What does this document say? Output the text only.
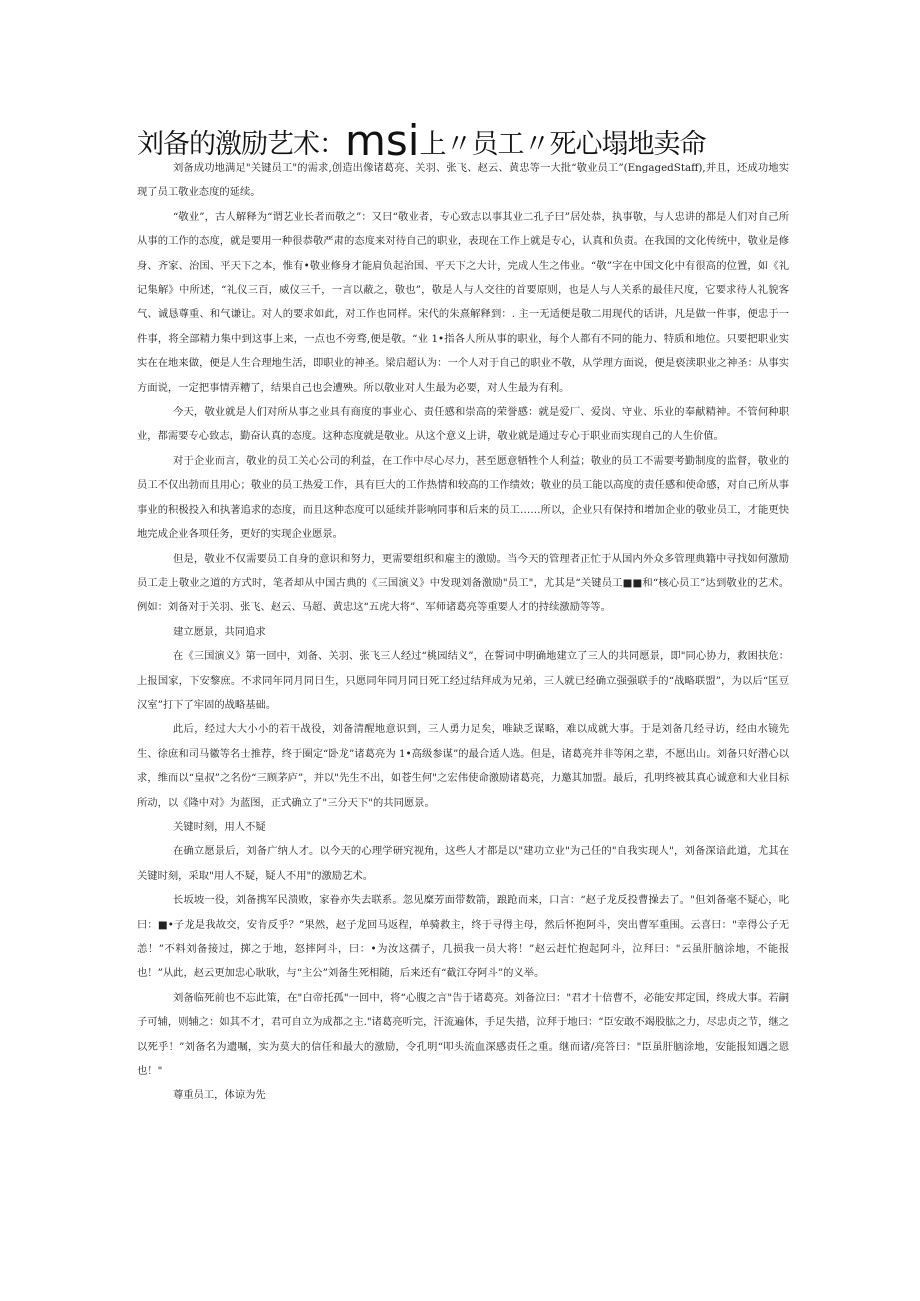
刘备的激励艺术：msi上〃员工〃死心塌地卖命

刘备成功地满足"关键员工"的需求,创造出像诸葛亮、关羽、张飞、赵云、黄忠等一大批“敬业员工”(EngagedStaff),并且，还成功地实现了员工敬业态度的延续。

“敬业”，古人解释为“谓艺业长者而敬之”：又曰“敬业者，专心致志以事其业二孔子曰”居处恭，执事敬，与人忠讲的都是人们对自己所从事的工作的态度，就是要用一种很恭敬严肃的态度来对待自己的职业，表现在工作上就是专心，认真和负责。在我国的文化传统中，敬业是修身、齐家、治国、平天下之本，惟有•敬业修身才能肩负起治国、平天下之大计，完成人生之伟业。“敬”字在中国文化中有很高的位置，如《礼记集解》中所述，“礼仪三百，威仪三千，一言以蔽之，敬也”，敬是人与人交往的首要原则，也是人与人关系的最佳尺度，它要求待人礼貌客气、诚恳尊重、和气谦让。对人的要求如此，对工作也同样。宋代的朱熹解释到：. 主一无适便是敬二用现代的话讲，凡是做一件事，便忠于一件事，将全部精力集中到这事上来，一点也不旁骛,便是敬。“业 1•指各人所从事的职业，每个人都有不同的能力、特质和地位。只要把职业实实在在地来做，便是人生合理地生活，即职业的神圣。梁启超认为：一个人对于自己的职业不敬，从学理方面说，便是亵渎职业之神圣：从事实方面说，一定把事情弄糟了，结果自己也会遭殃。所以敬业对人生最为必要，对人生最为有利。

今天，敬业就是人们对所从事之业具有商度的事业心、责任感和崇高的荣誉感：就是爱厂、爱岗、守业、乐业的奉献精神。不管何种职业，都需要专心致志，勤奋认真的态度。这种态度就是敬业。从这个意义上讲，敬业就是通过专心于职业而实现自己的人生价值。

对于企业而言，敬业的员工关心公司的利益，在工作中尽心尽力，甚至愿意牺牲个人利益；敬业的员工不需要考勤制度的监督，敬业的员工不仅出勃而且用心；敬业的员工热爱工作，具有巨大的工作热情和较高的工作绩效；敬业的员工能以高度的责任感和使命感，对自己所从事事业的积极投入和执著追求的态度，而且这种态度可以延续并影响同事和后来的员工……所以，企业只有保持和增加企业的敬业员工，才能更快地完成企业各项任务，更好的实现企业愿景。

但是，敬业不仅需要员工自身的意识和努力，更需要组织和雇主的激励。当今天的管理者正忙于从国内外众多管理典籍中寻找如何激励员工走上敬业之道的方式时，笔者却从中国古典的《三国演义》中发现刘备激励"员工"，尤其是“关键员工■■和“核心员工”达到敬业的艺术。例如：刘备对于关羽、张飞、赵云、马超、黄忠这“五虎大将”、军师诸葛亮等重要人才的持续激励等等。

建立愿景，共同追求

在《三国演义》第一回中，刘备、关羽、张飞三人经过“桃园结义”，在誓词中明确地建立了三人的共同愿景，即"同心协力，救困扶危：上报国家，下安黎庶。不求同年同月同日生，只愿同年同月同日死工经过结拜成为兄弟，三人就已经确立强强联手的“战略联盟”，为以后“匡豆汉室”打下了牢固的战略基础。

此后，经过大大小小的若干战役，刘备清醒地意识到，三人勇力足矣，唯缺乏谋略，难以成就大事。于是刘备几经寻访，经由水镜先生、徐庶和司马徽等名士推荐，终于圈定“卧龙”诸葛亮为 1•高级参谋”的最合适人选。但是，诸葛亮并非等闲之辈，不愿出山。刘备只好潜心以求，维而以“皇叔”之名份“三顾茅庐”，并以"先生不出，如苍生何"之宏伟使命激励诸葛亮，力邀其加盟。最后，孔明终被其真心诚意和大业目标所动，以《隆中对》为蓝图，正式确立了"三分天下"的共同愿景。

关键时刻，用人不疑

在确立愿景后，刘备广纳人才。以今天的心理学研究视角，这些人才都是以"建功立业"为己任的"自我实现人"，刘备深谙此道，尤其在关键时刻，采取"用人不疑，疑人不用"的激励艺术。

长坂坡一役，刘备携军民溃败，家眷亦失去联系。忽见糜芳面带数箭，踉跄而来，口言：“赵子龙反投曹操去了。"但刘备毫不疑心，叱曰：■•子龙是我故交，安肯反乎？”果然，赵子龙回马返程，单骑救主，终于寻得主母，然后怀抱阿斗，突出曹军重围。云喜曰："幸得公子无恙！”不料刘备接过，掷之于地，怒摔阿斗，曰：•为汝这孺子，几损我一员大将！”赵云赶忙抱起阿斗，泣拜曰："云虽肝脑涂地，不能报也！”从此，赵云更加忠心耿耿，与“主公”刘备生死相随，后来还有“截江夺阿斗”的义举。

刘备临死前也不忘此策，在"白帝托孤"一回中，将“心腹之言"告于诸葛亮。刘备泣曰："君才十倍曹不，必能安邦定国，终成大事。若嗣子可辅，则辅之：如其不才，君可自立为成都之主."诸葛亮听完，汗流遍体，手足失措，泣拜于地曰：“臣安敢不竭股肱之力，尽忠贞之节，继之以死乎！”刘备名为遗嘱，实为莫大的信任和最大的激励，令孔明“叩头流血深感责任之重。继而诸/亮答曰："臣虽肝脑涂地，安能报知遇之恩也！"

尊重员工，体谅为先
